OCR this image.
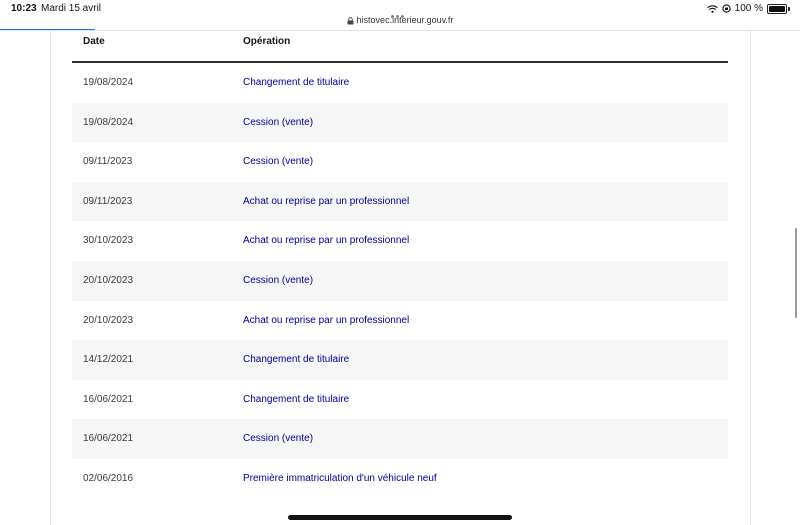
10:23 Mardi 15 avril
histovec.interieur.gouv.fr
100 %
Date	Opération
19/08/2024	Changement de titulaire
19/08/2024	Cession (vente)
09/11/2023	Cession (vente)
09/11/2023	Achat ou reprise par un professionnel
30/10/2023	Achat ou reprise par un professionnel
20/10/2023	Cession (vente)
20/10/2023	Achat ou reprise par un professionnel
14/12/2021	Changement de titulaire
16/06/2021	Changement de titulaire
16/06/2021	Cession (vente)
02/06/2016	Première immatriculation d'un véhicule neuf
